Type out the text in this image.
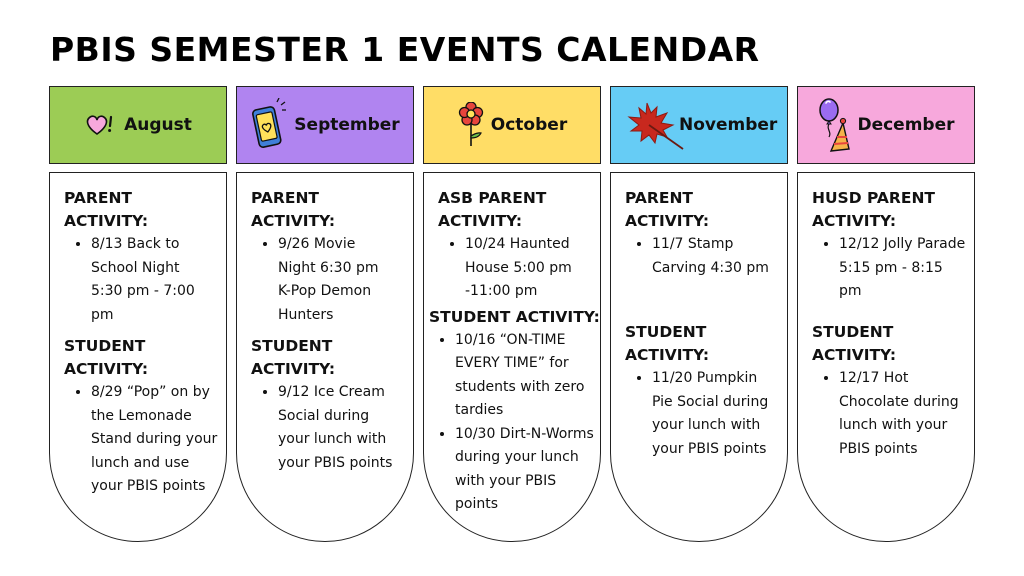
PBIS SEMESTER 1 EVENTS CALENDAR
August

PARENT ACTIVITY:

• 8/13 Back to School Night 5:30 pm - 7:00 pm

STUDENT ACTIVITY:

• 8/29 “Pop” on by the Lemonade Stand during your lunch and use your PBIS points
September

PARENT ACTIVITY:

• 9/26 Movie Night 6:30 pm K-Pop Demon Hunters

STUDENT ACTIVITY:

• 9/12 Ice Cream Social during your lunch with your PBIS points
October

ASB PARENT ACTIVITY:

• 10/24 Haunted House 5:00 pm -11:00 pm

STUDENT ACTIVITY:

• 10/16 “ON-TIME EVERY TIME” for students with zero tardies
• 10/30 Dirt-N-Worms during your lunch with your PBIS points
November

PARENT ACTIVITY:

• 11/7 Stamp Carving 4:30 pm

STUDENT ACTIVITY:

• 11/20 Pumpkin Pie Social during your lunch with your PBIS points
December

HUSD PARENT ACTIVITY:

• 12/12 Jolly Parade 5:15 pm - 8:15 pm

STUDENT ACTIVITY:

• 12/17 Hot Chocolate during lunch with your PBIS points
